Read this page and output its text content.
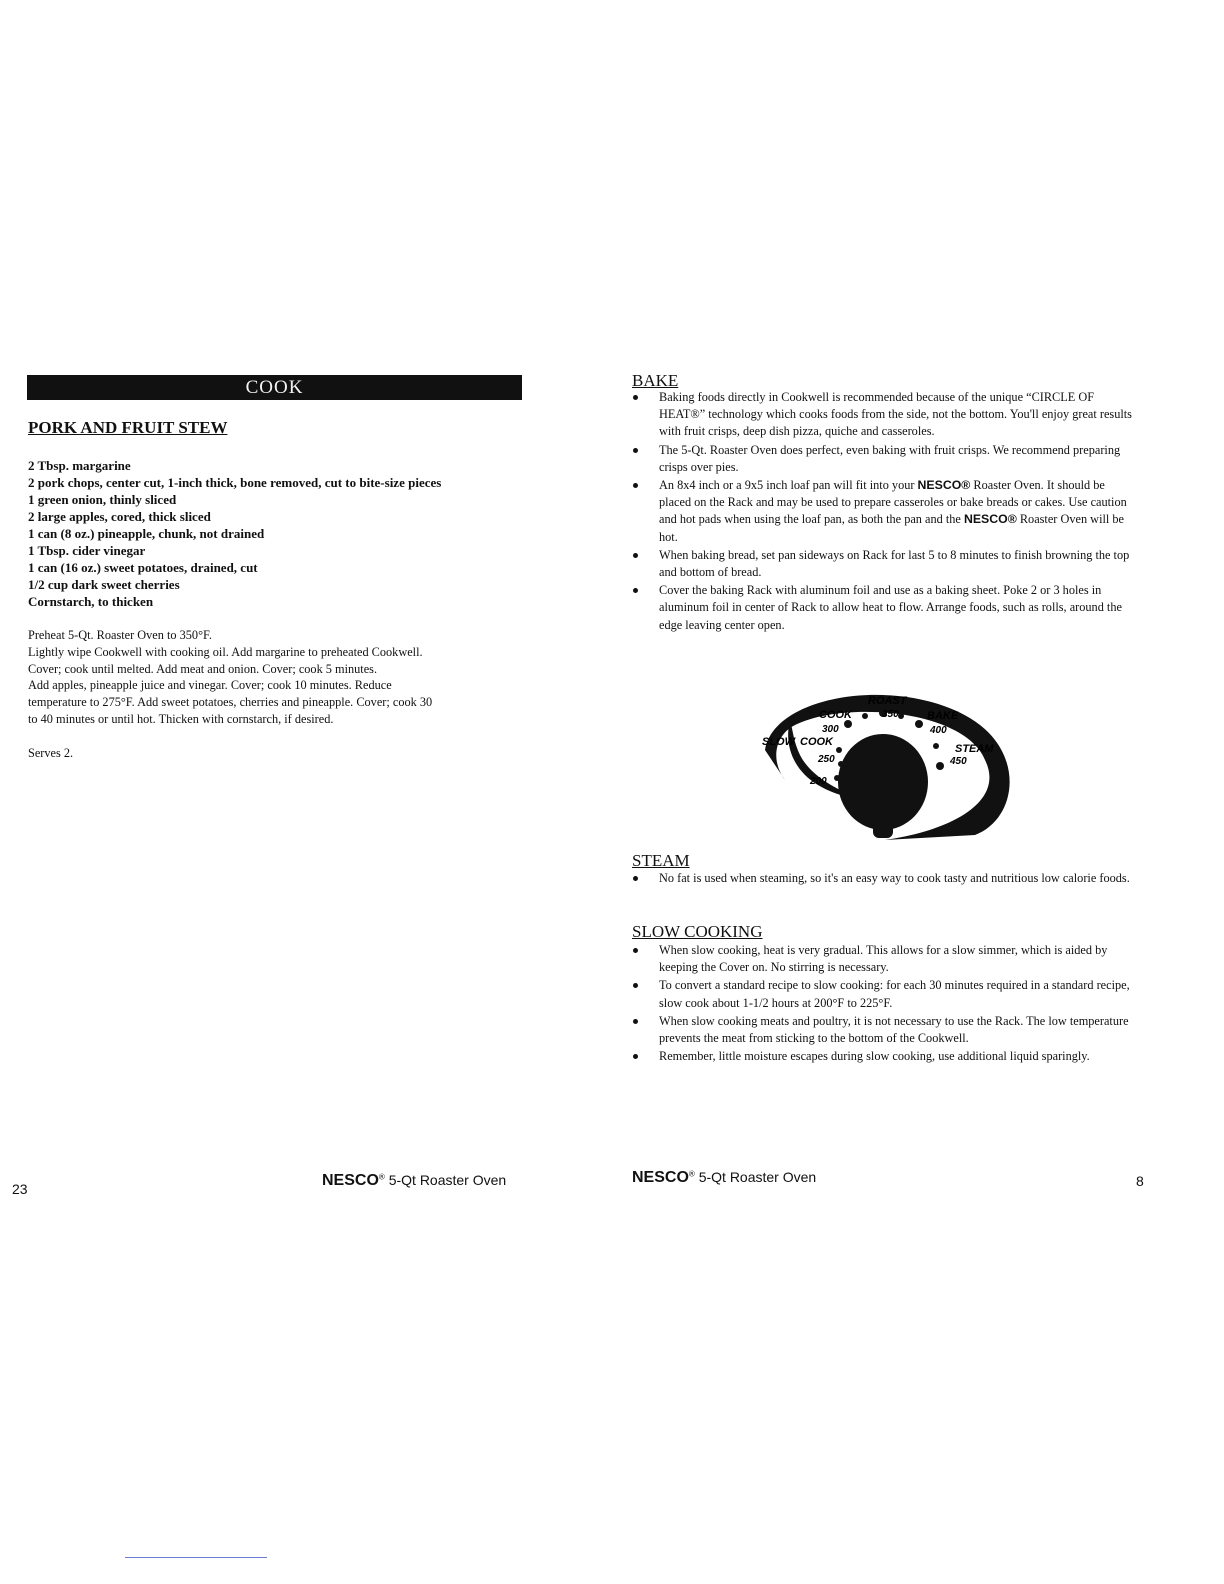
COOK
PORK AND FRUIT STEW
2 Tbsp. margarine
2 pork chops, center cut, 1-inch thick, bone removed, cut to bite-size pieces
1 green onion, thinly sliced
2 large apples, cored, thick sliced
1 can (8 oz.) pineapple, chunk, not drained
1 Tbsp. cider vinegar
1 can (16 oz.) sweet potatoes, drained, cut
1/2 cup dark sweet cherries
Cornstarch, to thicken
Preheat 5-Qt. Roaster Oven to 350°F.
Lightly wipe Cookwell with cooking oil. Add margarine to preheated Cookwell.
Cover; cook until melted. Add meat and onion. Cover; cook 5 minutes.
Add apples, pineapple juice and vinegar. Cover; cook 10 minutes. Reduce
temperature to 275°F. Add sweet potatoes, cherries and pineapple. Cover; cook 30
to 40 minutes or until hot. Thicken with cornstarch, if desired.
Serves 2.
23	NESCO® 5-Qt Roaster Oven
BAKE
Baking foods directly in Cookwell is recommended because of the unique “CIRCLE OF HEAT®” technology which cooks foods from the side, not the bottom. You'll enjoy great results with fruit crisps, deep dish pizza, quiche and casseroles.
The 5-Qt. Roaster Oven does perfect, even baking with fruit crisps. We recommend preparing crisps over pies.
An 8x4 inch or a 9x5 inch loaf pan will fit into your NESCO® Roaster Oven. It should be placed on the Rack and may be used to prepare casseroles or bake breads or cakes. Use caution and hot pads when using the loaf pan, as both the pan and the NESCO® Roaster Oven will be hot.
When baking bread, set pan sideways on Rack for last 5 to 8 minutes to finish browning the top and bottom of bread.
Cover the baking Rack with aluminum foil and use as a baking sheet. Poke 2 or 3 holes in aluminum foil in center of Rack to allow heat to flow. Arrange foods, such as rolls, around the edge leaving center open.
ROAST
COOK	BAKE
SLOW COOK
STEAM
300
350
400
250	450
200
STEAM
No fat is used when steaming, so it's an easy way to cook tasty and nutritious low calorie foods.
SLOW COOKING
When slow cooking, heat is very gradual. This allows for a slow simmer, which is aided by keeping the Cover on. No stirring is necessary.
To convert a standard recipe to slow cooking: for each 30 minutes required in a standard recipe, slow cook about 1-1/2 hours at 200°F to 225°F.
When slow cooking meats and poultry, it is not necessary to use the Rack. The low temperature prevents the meat from sticking to the bottom of the Cookwell.
Remember, little moisture escapes during slow cooking, use additional liquid sparingly.
NESCO® 5-Qt Roaster Oven	8
